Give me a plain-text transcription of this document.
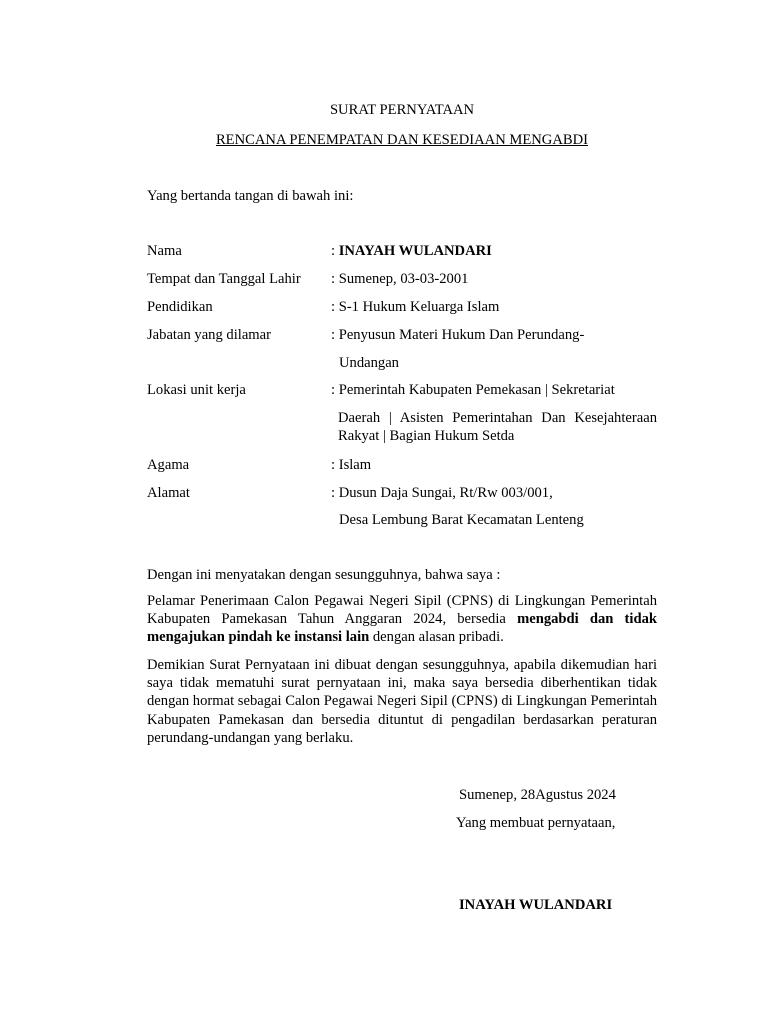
SURAT PERNYATAAN
RENCANA PENEMPATAN DAN KESEDIAAN MENGABDI
Yang bertanda tangan di bawah ini:
Nama	: INAYAH WULANDARI
Tempat dan Tanggal Lahir : Sumenep, 03-03-2001
Pendidikan	: S-1 Hukum Keluarga Islam
Jabatan yang dilamar	: Penyusun Materi Hukum Dan Perundang-
Undangan
Lokasi unit kerja	: Pemerintah Kabupaten Pemekasan | Sekretariat
Daerah | Asisten Pemerintahan Dan Kesejahteraan Rakyat | Bagian Hukum Setda
Agama	: Islam
Alamat	: Dusun Daja Sungai, Rt/Rw 003/001,
Desa Lembung Barat Kecamatan Lenteng
Dengan ini menyatakan dengan sesungguhnya, bahwa saya :
Pelamar Penerimaan Calon Pegawai Negeri Sipil (CPNS) di Lingkungan Pemerintah Kabupaten Pamekasan Tahun Anggaran 2024, bersedia mengabdi dan tidak mengajukan pindah ke instansi lain dengan alasan pribadi.
Demikian Surat Pernyataan ini dibuat dengan sesungguhnya, apabila dikemudian hari saya tidak mematuhi surat pernyataan ini, maka saya bersedia diberhentikan tidak dengan hormat sebagai Calon Pegawai Negeri Sipil (CPNS) di Lingkungan Pemerintah Kabupaten Pamekasan dan bersedia dituntut di pengadilan berdasarkan peraturan perundang-undangan yang berlaku.
Sumenep, 28Agustus 2024
Yang membuat pernyataan,
INAYAH WULANDARI
